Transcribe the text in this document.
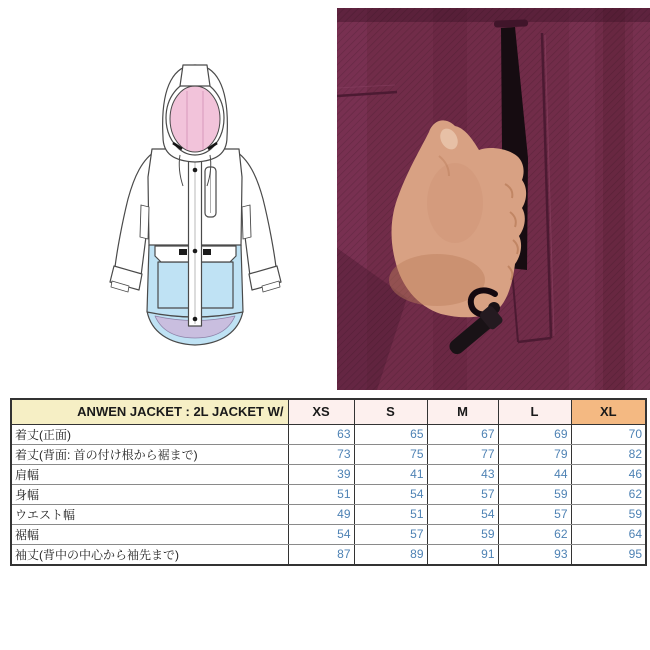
ANWEN JACKET : 2L JACKET W/	XS	S	M	L	XL
着丈(正面)	63	65	67	69	70
着丈(背面: 首の付け根から裾まで)	73	75	77	79	82
肩幅	39	41	43	44	46
身幅	51	54	57	59	62
ウエスト幅	49	51	54	57	59
裾幅	54	57	59	62	64
袖丈(背中の中心から袖先まで)	87	89	91	93	95
